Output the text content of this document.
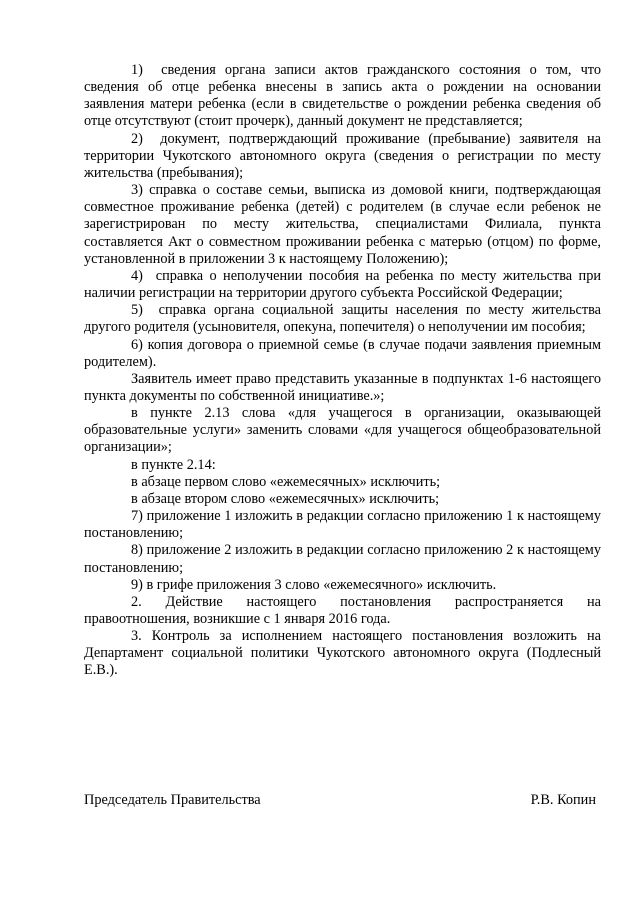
1)  сведения органа записи актов гражданского состояния о том, что сведения об отце ребенка внесены в запись акта о рождении на основании заявления матери ребенка (если в свидетельстве о рождении ребенка сведения об отце отсутствуют (стоит прочерк), данный документ не представляется;

2)  документ, подтверждающий проживание (пребывание) заявителя на территории Чукотского автономного округа (сведения о регистрации по месту жительства (пребывания);

3) справка о составе семьи, выписка из домовой книги, подтверждающая совместное проживание ребенка (детей) с родителем (в случае если ребенок не зарегистрирован по месту жительства, специалистами Филиала, пункта составляется Акт о совместном проживании ребенка с матерью (отцом) по форме, установленной в приложении 3 к настоящему Положению);

4)  справка о неполучении пособия на ребенка по месту жительства при наличии регистрации на территории другого субъекта Российской Федерации;

5)  справка органа социальной защиты населения по месту жительства другого родителя (усыновителя, опекуна, попечителя) о неполучении им пособия;

6) копия договора о приемной семье (в случае подачи заявления приемным родителем).

Заявитель имеет право представить указанные в подпунктах 1-6 настоящего пункта документы по собственной инициативе.»;

в пункте 2.13 слова «для учащегося в организации, оказывающей образовательные услуги» заменить словами «для учащегося общеобразовательной организации»;

в пункте 2.14:

в абзаце первом слово «ежемесячных» исключить;

в абзаце втором слово «ежемесячных» исключить;

7) приложение 1 изложить в редакции согласно приложению 1 к настоящему постановлению;

8) приложение 2 изложить в редакции согласно приложению 2 к настоящему постановлению;

9) в грифе приложения 3 слово «ежемесячного» исключить.

2. Действие настоящего постановления распространяется на правоотношения, возникшие с 1 января 2016 года.

3. Контроль за исполнением настоящего постановления возложить на Департамент социальной политики Чукотского автономного округа (Подлесный Е.В.).

Председатель Правительства	Р.В. Копин
